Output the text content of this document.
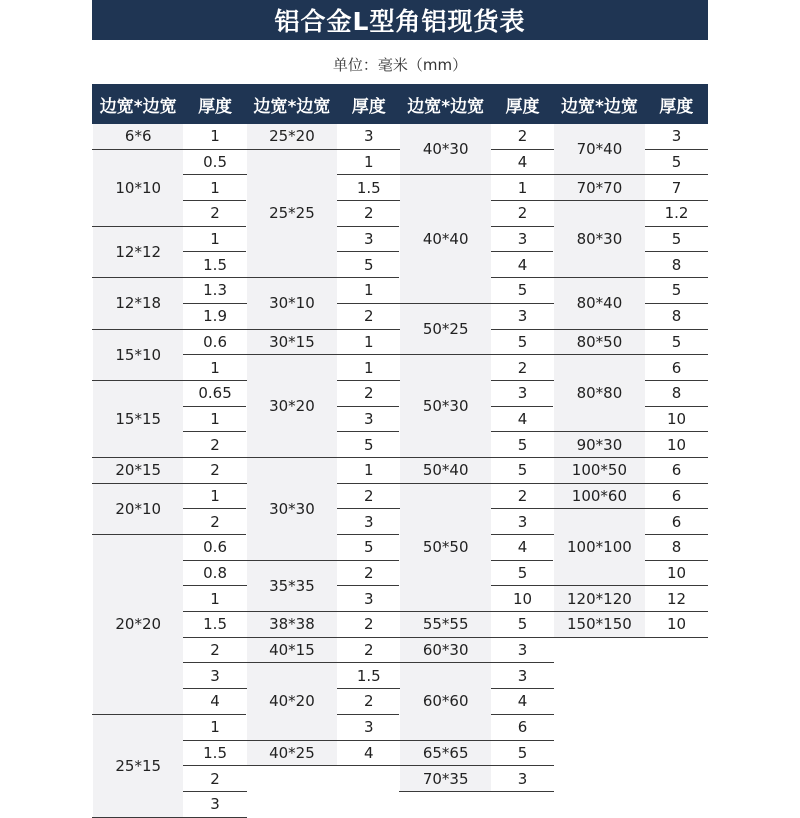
铝合金L型角铝现货表
单位：毫米（mm）
边宽*边宽	厚度	边宽*边宽	厚度	边宽*边宽	厚度	边宽*边宽	厚度
6*6	1	25*20	3	40*30	2	70*40	3
10*10	0.5	25*25	1		4		5
	1		1.5	40*40	1	70*70	7
	2		2		2	80*30	1.2
12*12	1		3		3		5
	1.5		5		4		8
12*18	1.3	30*10	1		5	80*40	5
	1.9		2	50*25	3		8
15*10	0.6	30*15	1		5	80*50	5
	1	30*20	1	50*30	2	80*80	6
15*15	0.65		2		3		8
	1		3		4		10
	2		5		5	90*30	10
20*15	2	30*30	1	50*40	5	100*50	6
20*10	1		2	50*50	2	100*60	6
	2		3		3	100*100	6
20*20	0.6		5		4		8
	0.8	35*35	2		5		10
	1		3		10	120*120	12
	1.5	38*38	2	55*55	5	150*150	10
	2	40*15	2	60*30	3		
	3	40*20	1.5	60*60	3		
	4		2		4		
25*15	1		3		6		
	1.5	40*25	4	65*65	5		
	2			70*35	3		
	3						
